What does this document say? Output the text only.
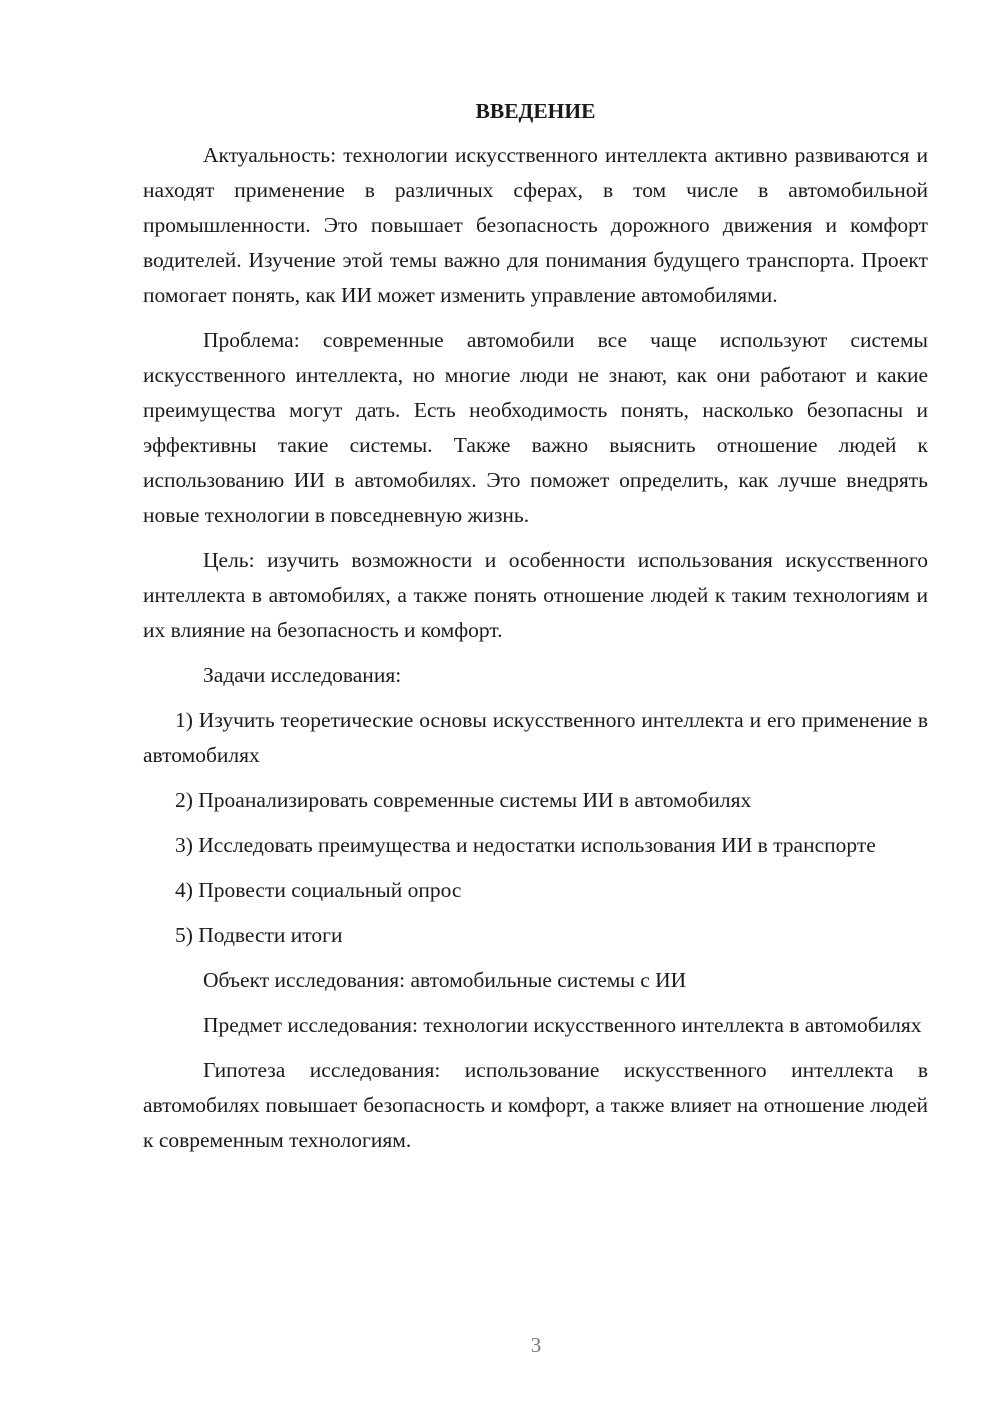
ВВЕДЕНИЕ

Актуальность: технологии искусственного интеллекта активно развиваются и находят применение в различных сферах, в том числе в автомобильной промышленности. Это повышает безопасность дорожного движения и комфорт водителей. Изучение этой темы важно для понимания будущего транспорта. Проект помогает понять, как ИИ может изменить управление автомобилями.

Проблема: современные автомобили все чаще используют системы искусственного интеллекта, но многие люди не знают, как они работают и какие преимущества могут дать. Есть необходимость понять, насколько безопасны и эффективны такие системы. Также важно выяснить отношение людей к использованию ИИ в автомобилях. Это поможет определить, как лучше внедрять новые технологии в повседневную жизнь.

Цель: изучить возможности и особенности использования искусственного интеллекта в автомобилях, а также понять отношение людей к таким технологиям и их влияние на безопасность и комфорт.

Задачи исследования:

1) Изучить теоретические основы искусственного интеллекта и его применение в автомобилях

2) Проанализировать современные системы ИИ в автомобилях

3) Исследовать преимущества и недостатки использования ИИ в транспорте

4) Провести социальный опрос

5) Подвести итоги

Объект исследования: автомобильные системы с ИИ

Предмет исследования: технологии искусственного интеллекта в автомобилях

Гипотеза исследования: использование искусственного интеллекта в автомобилях повышает безопасность и комфорт, а также влияет на отношение людей к современным технологиям.

3
